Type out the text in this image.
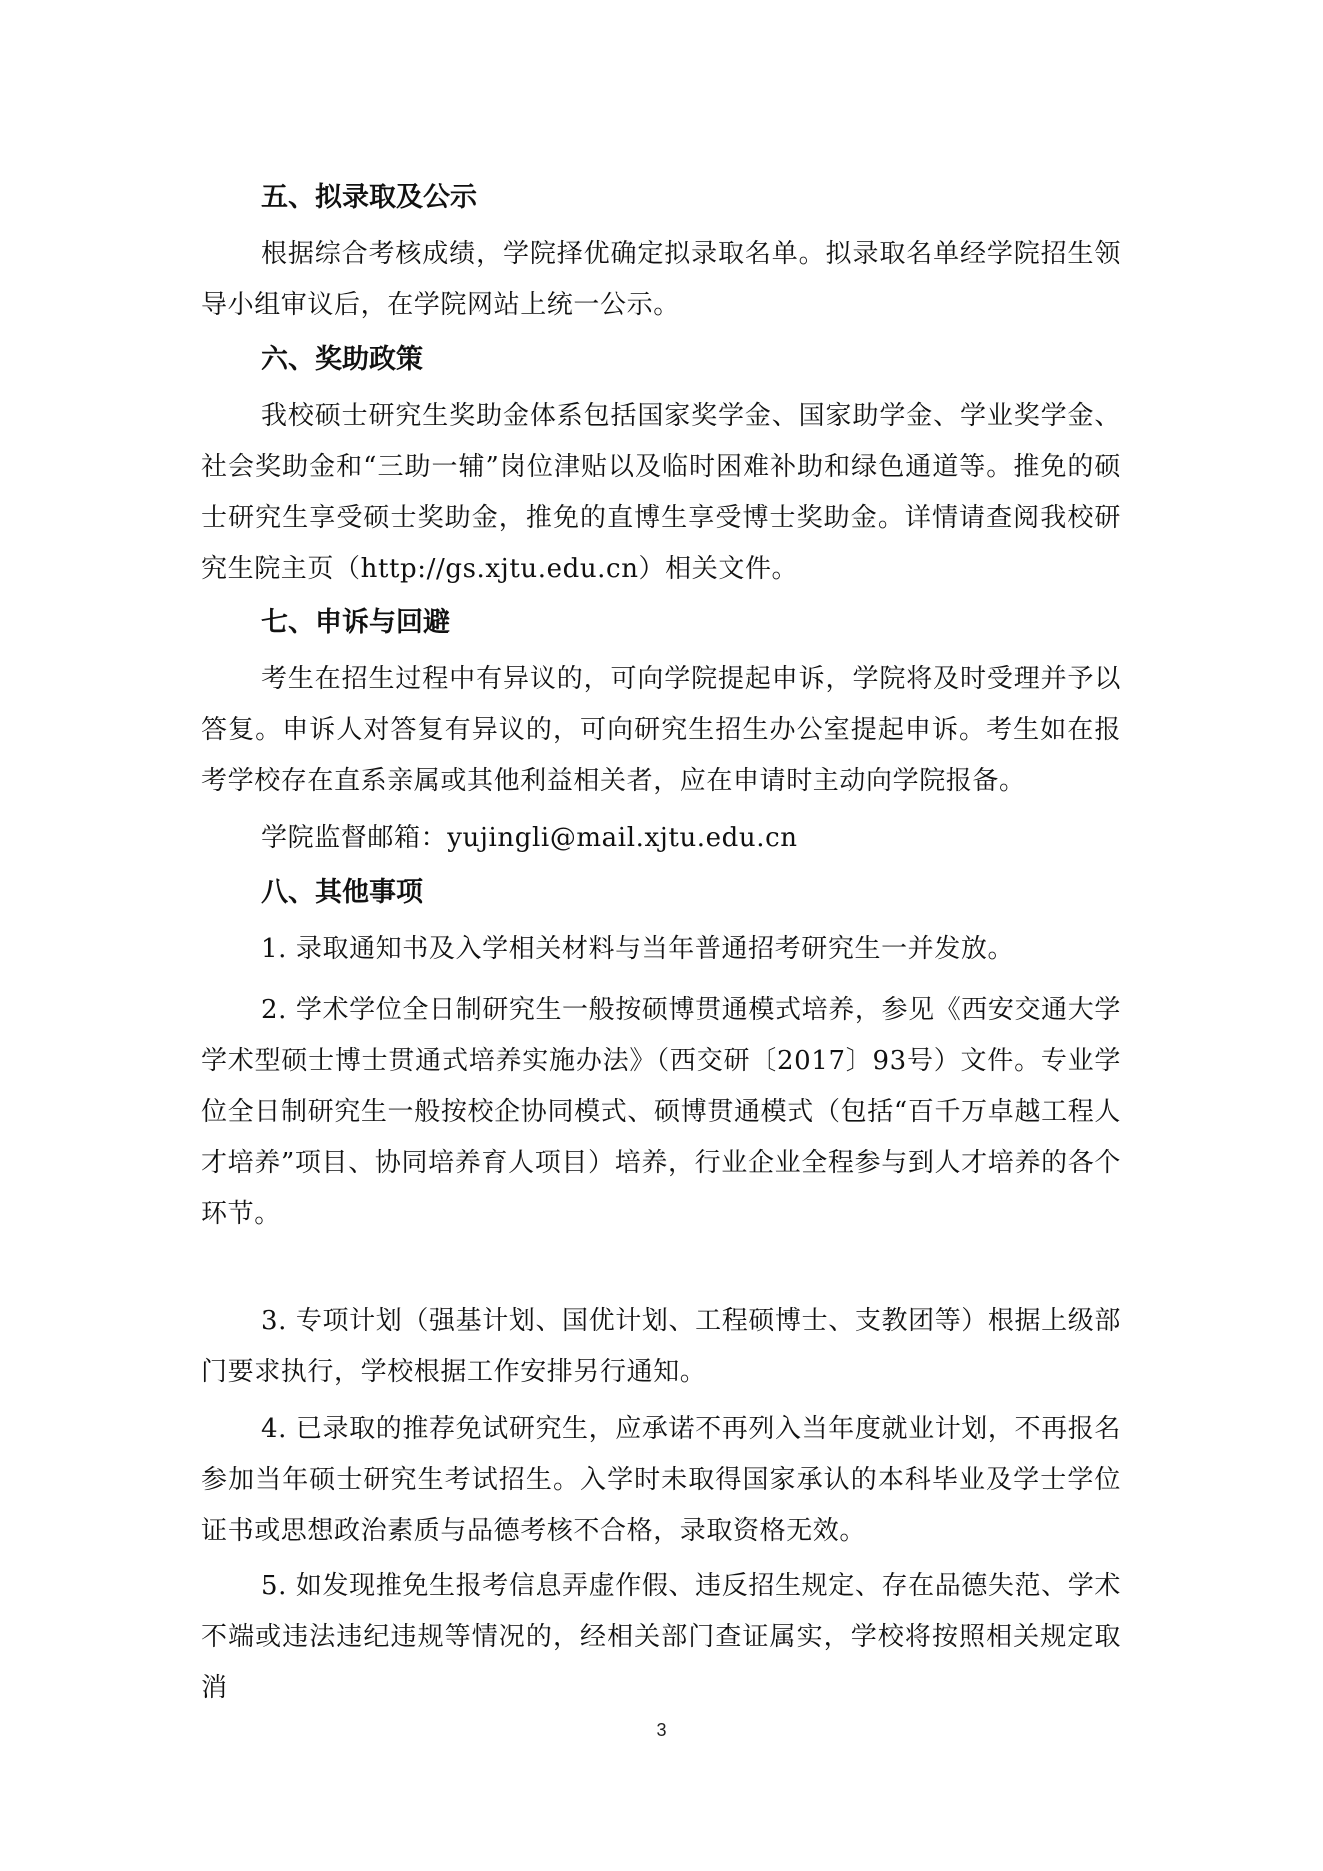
五、拟录取及公示

根据综合考核成绩，学院择优确定拟录取名单。拟录取名单经学院招生领导小组审议后，在学院网站上统一公示。

六、奖助政策

我校硕士研究生奖助金体系包括国家奖学金、国家助学金、学业奖学金、社会奖助金和“三助一辅”岗位津贴以及临时困难补助和绿色通道等。推免的硕士研究生享受硕士奖助金，推免的直博生享受博士奖助金。详情请查阅我校研究生院主页（http://gs.xjtu.edu.cn）相关文件。

七、申诉与回避

考生在招生过程中有异议的，可向学院提起申诉，学院将及时受理并予以答复。申诉人对答复有异议的，可向研究生招生办公室提起申诉。考生如在报考学校存在直系亲属或其他利益相关者，应在申请时主动向学院报备。

学院监督邮箱：yujingli@mail.xjtu.edu.cn

八、其他事项

1. 录取通知书及入学相关材料与当年普通招考研究生一并发放。

2. 学术学位全日制研究生一般按硕博贯通模式培养，参见《西安交通大学学术型硕士博士贯通式培养实施办法》（西交研〔2017〕93号）文件。专业学位全日制研究生一般按校企协同模式、硕博贯通模式（包括“百千万卓越工程人才培养”项目、协同培养育人项目）培养，行业企业全程参与到人才培养的各个环节。

3. 专项计划（强基计划、国优计划、工程硕博士、支教团等）根据上级部门要求执行，学校根据工作安排另行通知。

4. 已录取的推荐免试研究生，应承诺不再列入当年度就业计划，不再报名参加当年硕士研究生考试招生。入学时未取得国家承认的本科毕业及学士学位证书或思想政治素质与品德考核不合格，录取资格无效。

5. 如发现推免生报考信息弄虚作假、违反招生规定、存在品德失范、学术不端或违法违纪违规等情况的，经相关部门查证属实，学校将按照相关规定取消

3
